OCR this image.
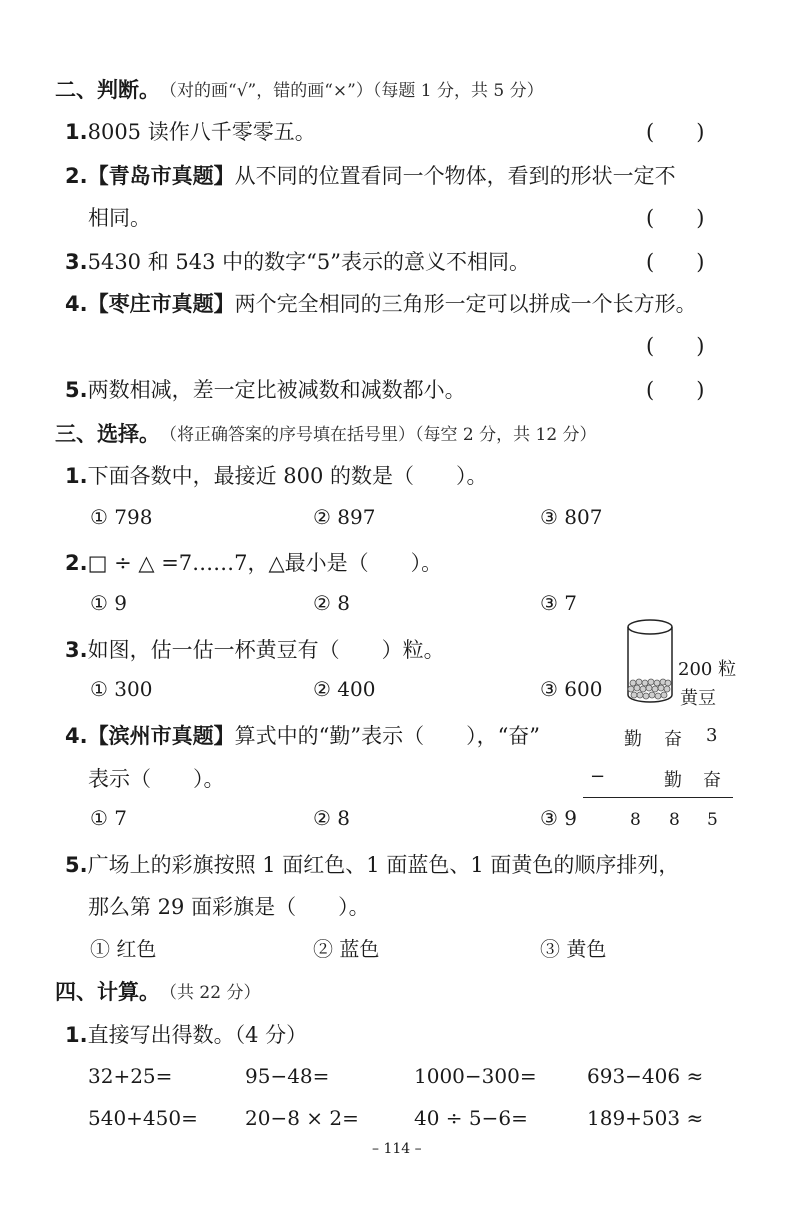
二、判断。 （对的画“√”，错的画“×”）（每题 1 分，共 5 分）
1.8005 读作八千零零五。	(　　)
2.【青岛市真题】从不同的位置看同一个物体，看到的形状一定不
相同。	(　　)
3.5430 和 543 中的数字“5”表示的意义不相同。	(　　)
4.【枣庄市真题】两个完全相同的三角形一定可以拼成一个长方形。
(　　)
5.两数相减，差一定比被减数和减数都小。	(　　)
三、选择。 （将正确答案的序号填在括号里）（每空 2 分，共 12 分）
1.下面各数中，最接近 800 的数是（　　）。
① 798	② 897	③ 807
2.□ ÷ △ =7……7，△最小是（　　）。
① 9	② 8	③ 7
3.如图，估一估一杯黄豆有（　　）粒。
① 300	② 400	③ 600
200 粒
黄豆
4.【滨州市真题】算式中的“勤”表示（　　），“奋”
表示（　　）。
① 7	② 8	③ 9
勤 奋 3
−	勤 奋
8 8 5
5.广场上的彩旗按照 1 面红色、1 面蓝色、1 面黄色的顺序排列，
那么第 29 面彩旗是（　　）。
① 红色	② 蓝色	③ 黄色
四、计算。 （共 22 分）
1.直接写出得数。（4 分）
32+25=	95−48=	1000−300=	693−406 ≈
540+450= 20−8 × 2=	40 ÷ 5−6=	189+503 ≈
– 114 –
